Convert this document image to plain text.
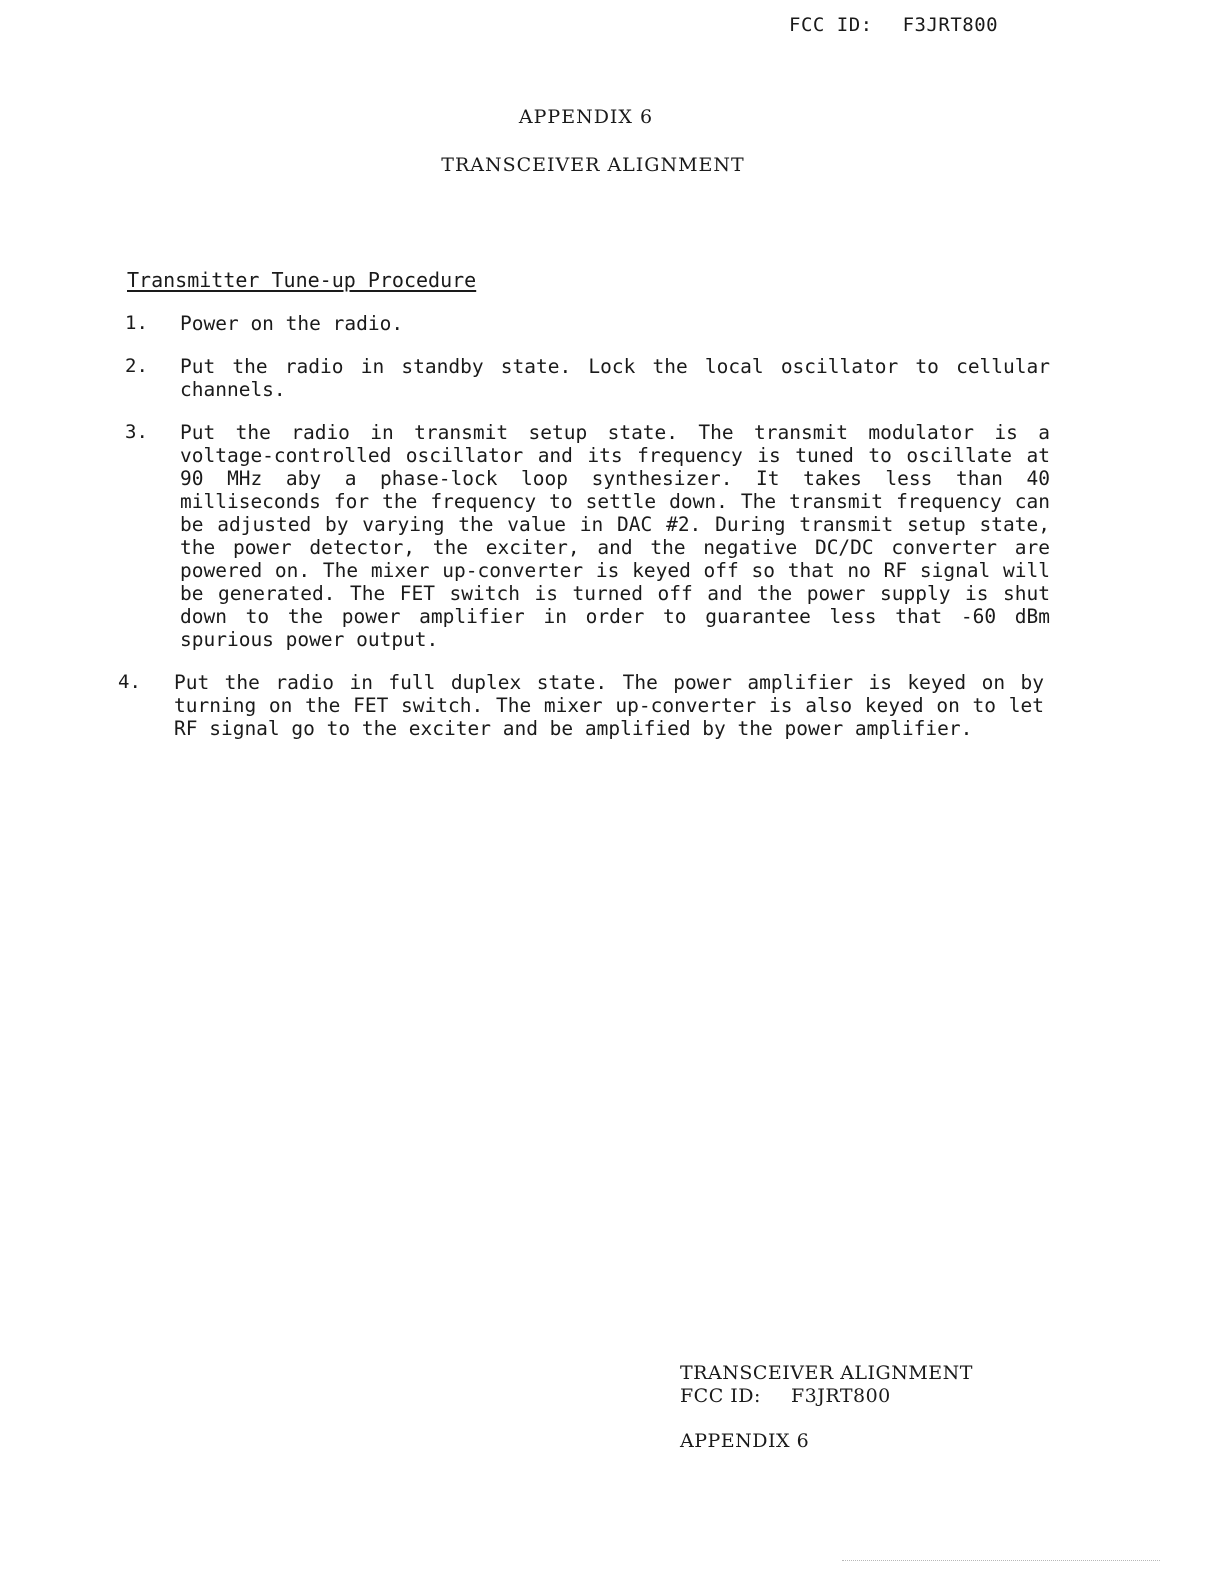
FCC ID: F3JRT800
APPENDIX 6
TRANSCEIVER ALIGNMENT
Transmitter Tune-up Procedure
1. Power on the radio.
2. Put the radio in standby state. Lock the local oscillator to cellular channels.
3. Put the radio in transmit setup state. The transmit modulator is a voltage-controlled oscillator and its frequency is tuned to oscillate at 90 MHz aby a phase-lock loop synthesizer. It takes less than 40 milliseconds for the frequency to settle down. The transmit frequency can be adjusted by varying the value in DAC #2. During transmit setup state, the power detector, the exciter, and the negative DC/DC converter are powered on. The mixer up-converter is keyed off so that no RF signal will be generated. The FET switch is turned off and the power supply is shut down to the power amplifier in order to guarantee less that -60 dBm spurious power output.
4. Put the radio in full duplex state. The power amplifier is keyed on by turning on the FET switch. The mixer up-converter is also keyed on to let RF signal go to the exciter and be amplified by the power amplifier.
TRANSCEIVER ALIGNMENT
FCC ID: F3JRT800
APPENDIX 6
